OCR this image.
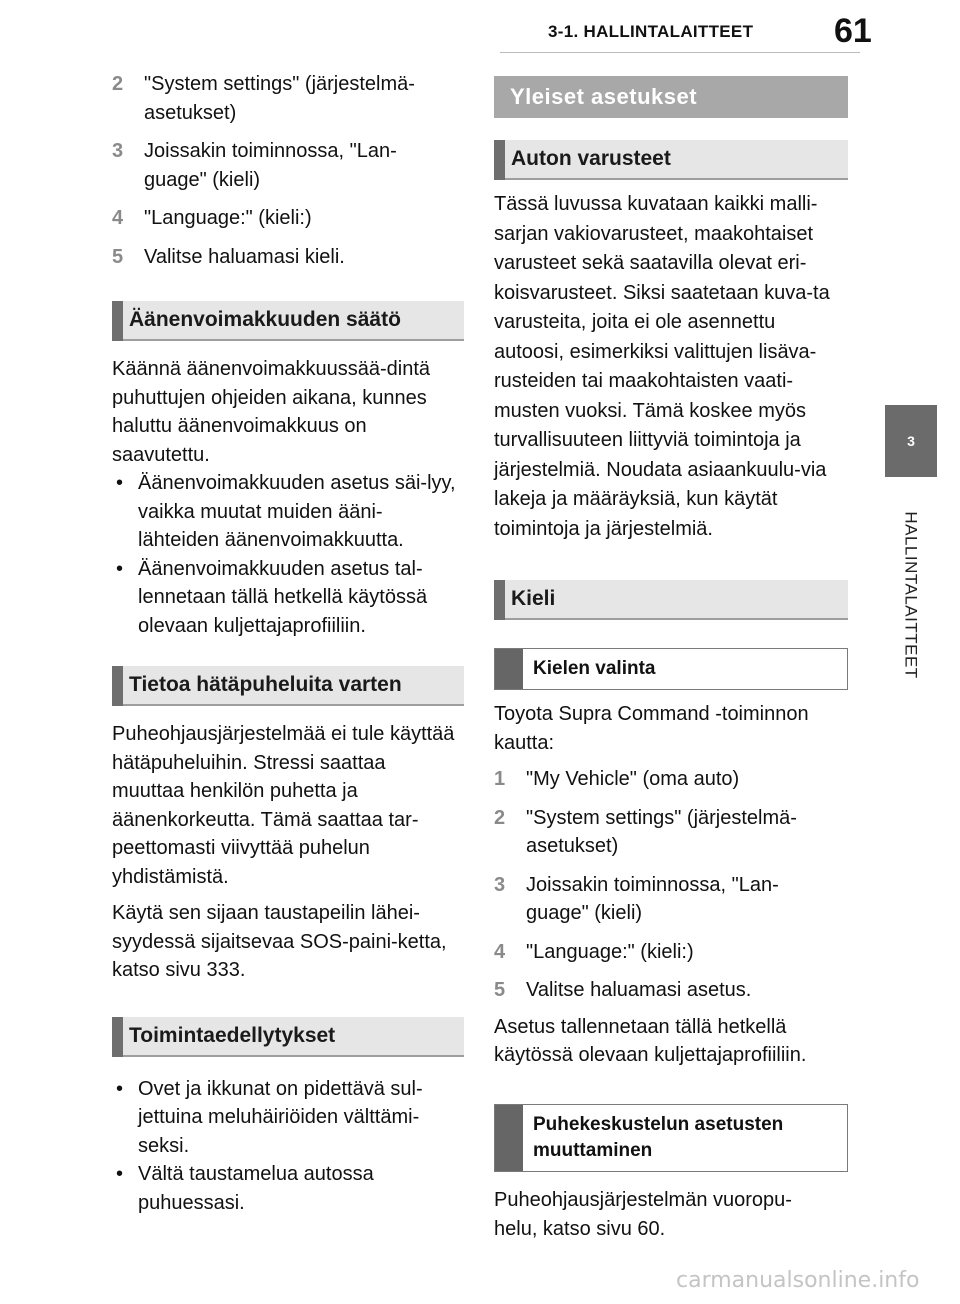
3-1. HALLINTALAITTEET	61
3
HALLINTALAITTEET
2	"System settings" (järjestelmä-asetukset)
3	Joissakin toiminnossa, "Lan-guage" (kieli)
4	"Language:" (kieli:)
5	Valitse haluamasi kieli.
Äänenvoimakkuuden säätö

Käännä äänenvoimakkuussää-dintä puhuttujen ohjeiden aikana, kunnes haluttu äänenvoimakkuus on saavutettu.

• Äänenvoimakkuuden asetus säi-lyy, vaikka muutat muiden ääni-lähteiden äänenvoimakkuutta.
• Äänenvoimakkuuden asetus tal-lennetaan tällä hetkellä käytössä olevaan kuljettajaprofiiliin.
Tietoa hätäpuheluita varten

Puheohjausjärjestelmää ei tule käyttää hätäpuheluihin. Stressi saattaa muuttaa henkilön puhetta ja äänenkorkeutta. Tämä saattaa tar-peettomasti viivyttää puhelun yhdistämistä.

Käytä sen sijaan taustapeilin lähei-syydessä sijaitsevaa SOS-paini-ketta, katso sivu 333.

Toimintaedellytykset
• Ovet ja ikkunat on pidettävä sul-jettuina meluhäiriöiden välttämi-seksi.
• Vältä taustamelua autossa puhuessasi.
Yleiset asetukset
Auton varusteet

Tässä luvussa kuvataan kaikki malli-sarjan vakiovarusteet, maakohtaiset varusteet sekä saatavilla olevat eri-koisvarusteet. Siksi saatetaan kuva-ta varusteita, joita ei ole asennettu autoosi, esimerkiksi valittujen lisäva-rusteiden tai maakohtaisten vaati-musten vuoksi. Tämä koskee myös turvallisuuteen liittyviä toimintoja ja järjestelmiä. Noudata asiaankuulu-via lakeja ja määräyksiä, kun käytät toimintoja ja järjestelmiä.

Kieli
Kielen valinta

Toyota Supra Command -toiminnon kautta:

1	"My Vehicle" (oma auto)
2	"System settings" (järjestelmä-asetukset)
3	Joissakin toiminnossa, "Lan-guage" (kieli)
4	"Language:" (kieli:)
5	Valitse haluamasi asetus.

Asetus tallennetaan tällä hetkellä käytössä olevaan kuljettajaprofiiliin.

Puhekeskustelun asetusten muuttaminen

Puheohjausjärjestelmän vuoropu-helu, katso sivu 60.

carmanualsonline.info
